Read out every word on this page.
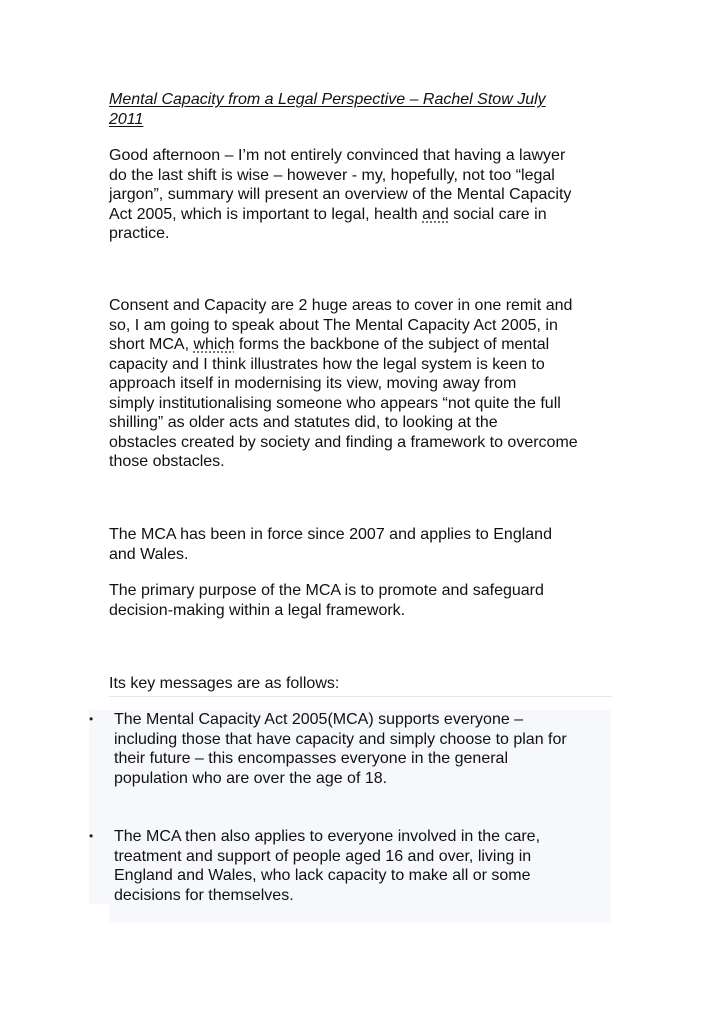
Mental Capacity from a Legal Perspective – Rachel Stow July
2011

Good afternoon – I’m not entirely convinced that having a lawyer
do the last shift is wise – however - my, hopefully, not too “legal
jargon”, summary will present an overview of the Mental Capacity
Act 2005, which is important to legal, health and social care in
practice.

Consent and Capacity are 2 huge areas to cover in one remit and
so, I am going to speak about The Mental Capacity Act 2005, in
short MCA, which forms the backbone of the subject of mental
capacity and I think illustrates how the legal system is keen to
approach itself in modernising its view, moving away from
simply institutionalising someone who appears “not quite the full
shilling” as older acts and statutes did, to looking at the
obstacles created by society and finding a framework to overcome
those obstacles.

The MCA has been in force since 2007 and applies to England
and Wales.

The primary purpose of the MCA is to promote and safeguard
decision-making within a legal framework.

Its key messages are as follows:

• The Mental Capacity Act 2005(MCA) supports everyone –
including those that have capacity and simply choose to plan for
their future – this encompasses everyone in the general
population who are over the age of 18.

• The MCA then also applies to everyone involved in the care,
treatment and support of people aged 16 and over, living in
England and Wales, who lack capacity to make all or some
decisions for themselves.
